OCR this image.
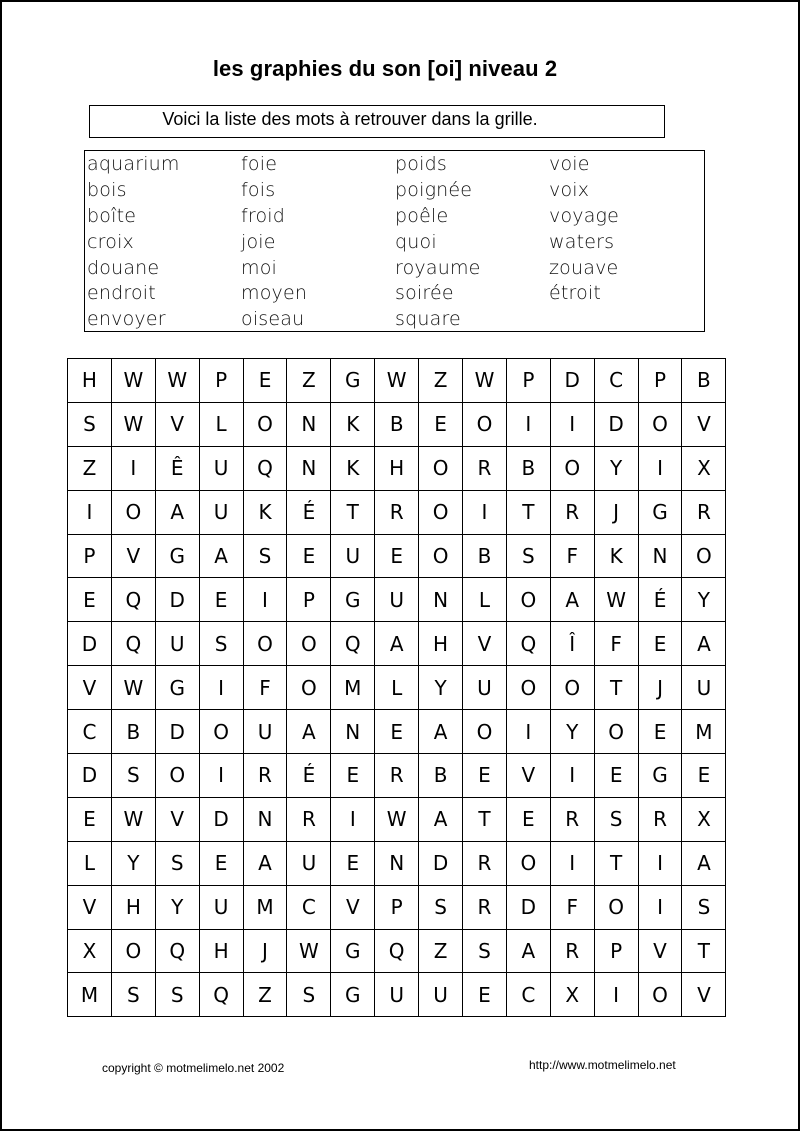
les graphies du son [oi] niveau 2
Voici la liste des mots à retrouver dans la grille.
aquarium
bois
boîte
croix
douane
endroit
envoyer
foie
fois
froid
joie
moi
moyen
oiseau
poids
poignée
poêle
quoi
royaume
soirée
square
voie
voix
voyage
waters
zouave
étroit
H	W	W	P	E	Z	G	W	Z	W	P	D	C	P	B
S	W	V	L	O	N	K	B	E	O	I	I	D	O	V
Z	I	Ê	U	Q	N	K	H	O	R	B	O	Y	I	X
I	O	A	U	K	É	T	R	O	I	T	R	J	G	R
P	V	G	A	S	E	U	E	O	B	S	F	K	N	O
E	Q	D	E	I	P	G	U	N	L	O	A	W	É	Y
D	Q	U	S	O	O	Q	A	H	V	Q	Î	F	E	A
V	W	G	I	F	O	M	L	Y	U	O	O	T	J	U
C	B	D	O	U	A	N	E	A	O	I	Y	O	E	M
D	S	O	I	R	É	E	R	B	E	V	I	E	G	E
E	W	V	D	N	R	I	W	A	T	E	R	S	R	X
L	Y	S	E	A	U	E	N	D	R	O	I	T	I	A
V	H	Y	U	M	C	V	P	S	R	D	F	O	I	S
X	O	Q	H	J	W	G	Q	Z	S	A	R	P	V	T
M	S	S	Q	Z	S	G	U	U	E	C	X	I	O	V
copyright © motmelimelo.net 2002	http://www.motmelimelo.net
